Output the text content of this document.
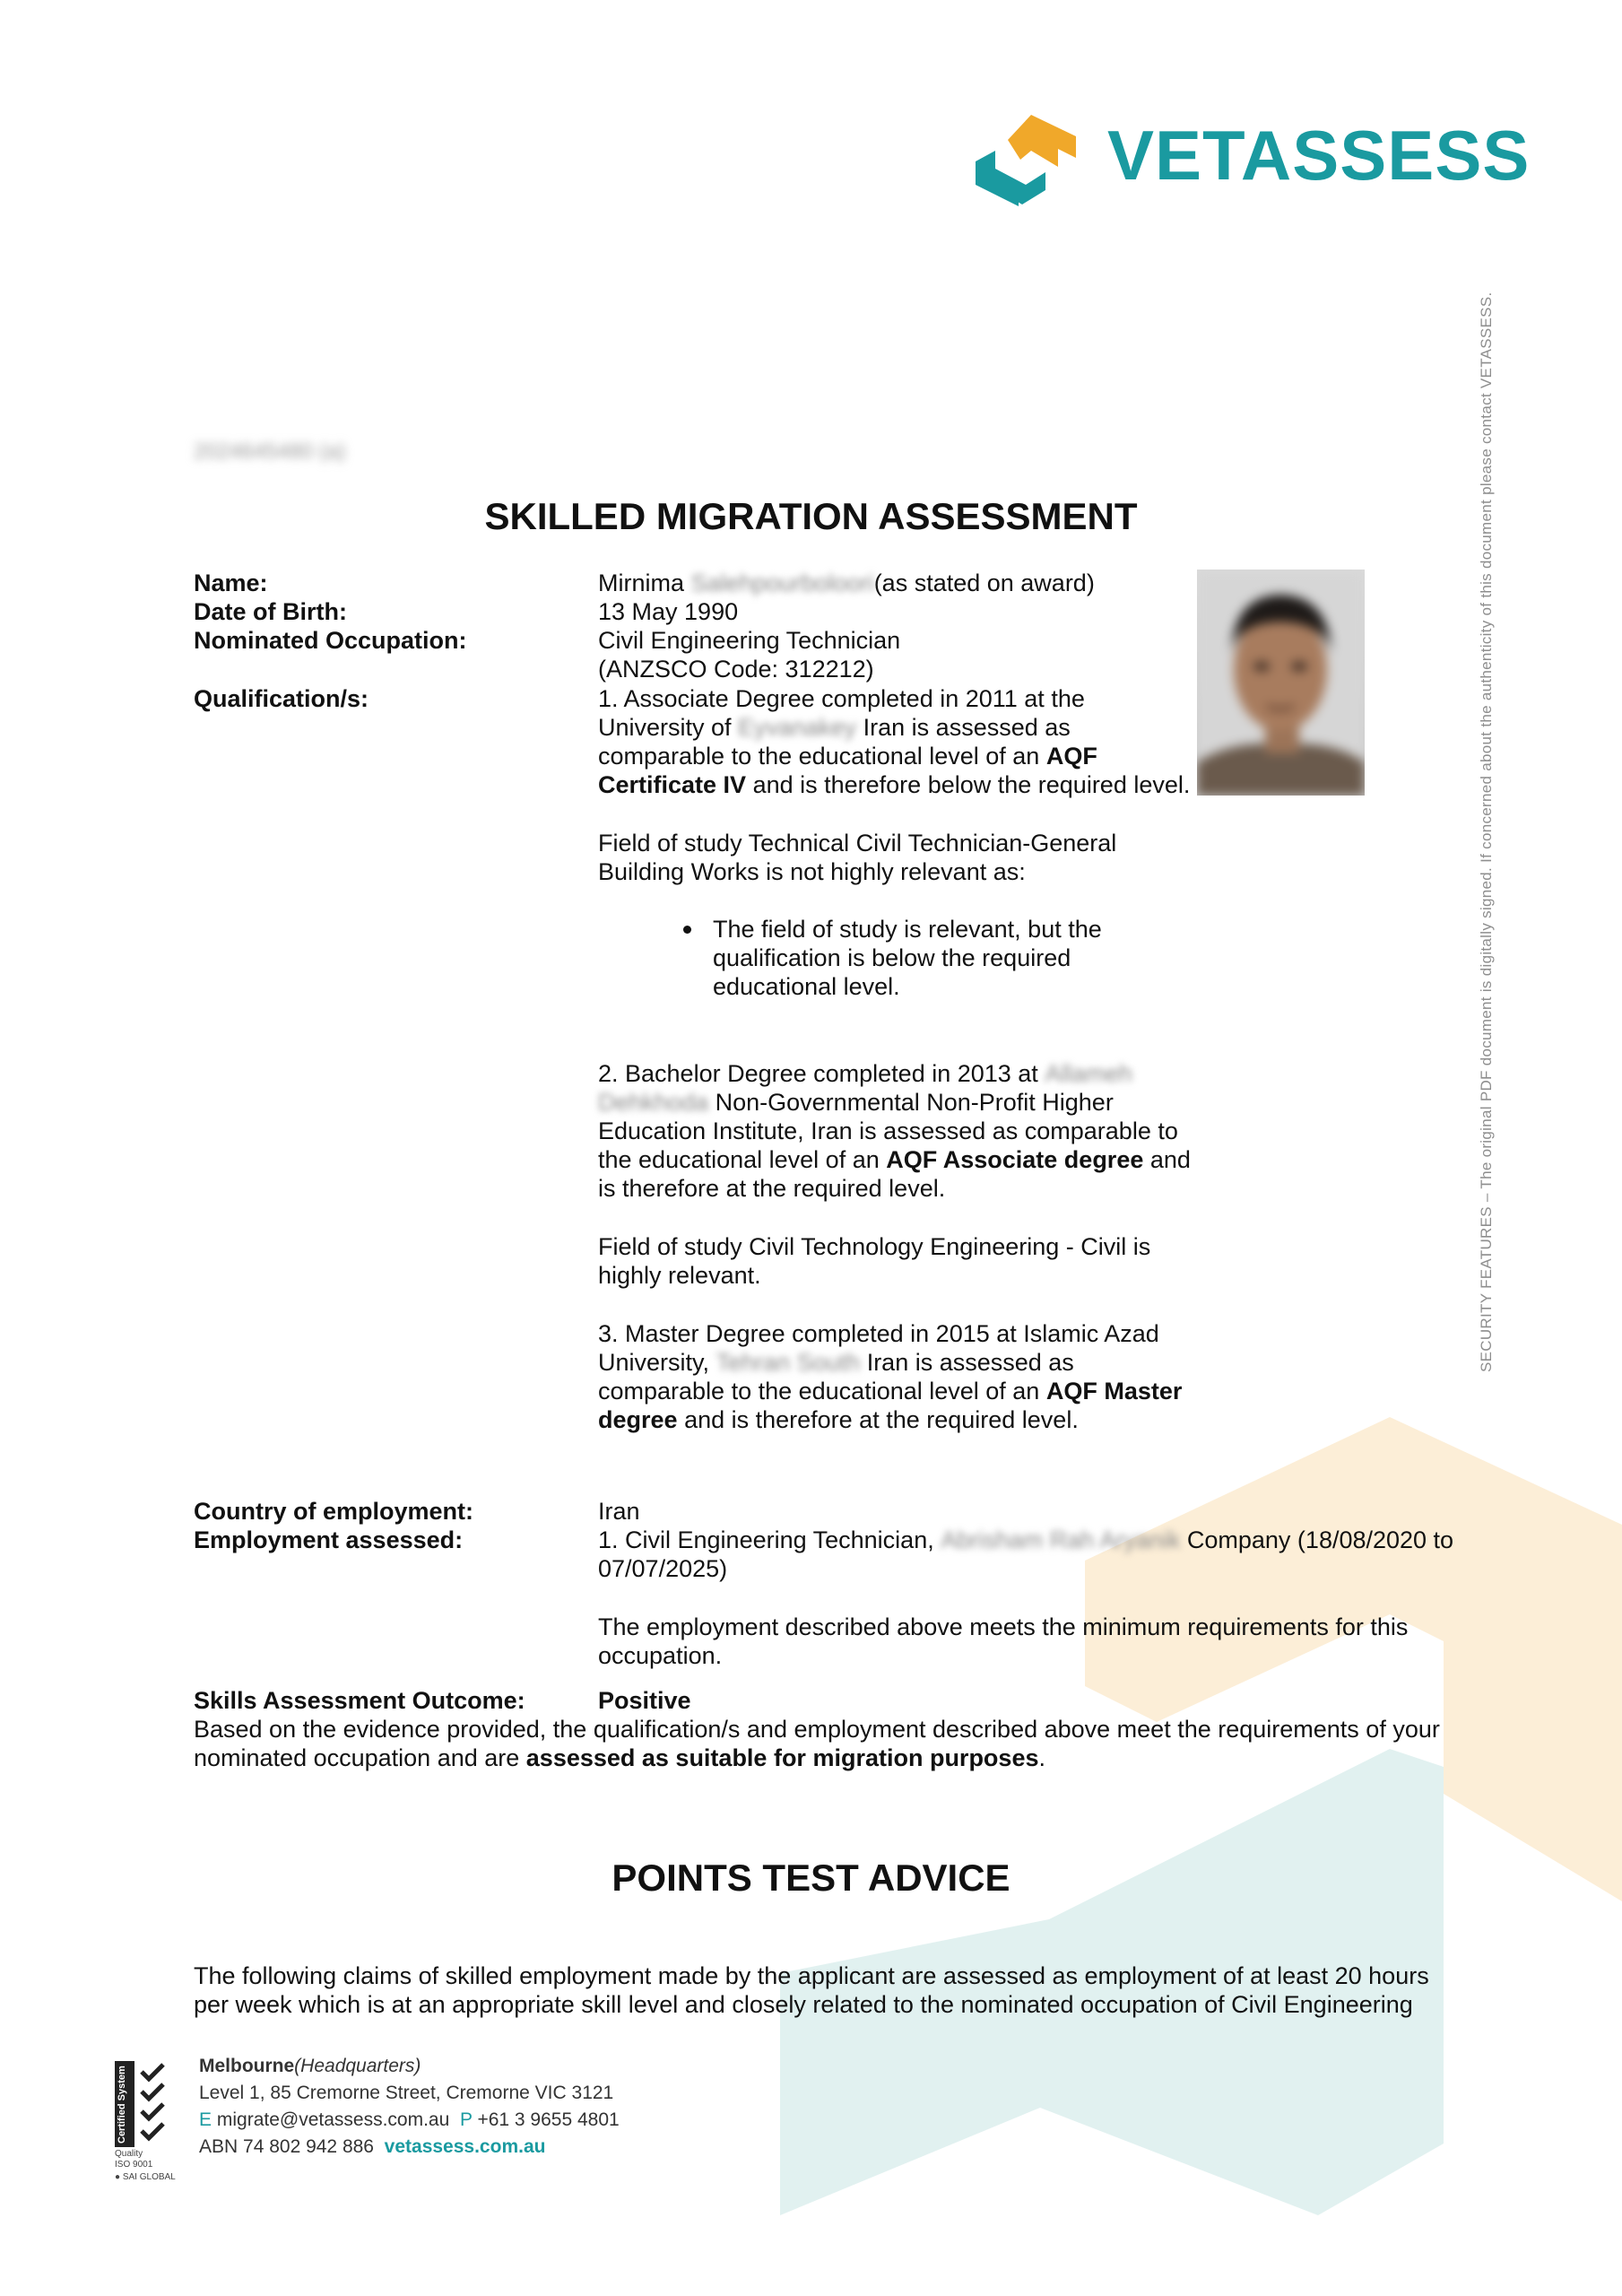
VETASSESS
2024645480 (a)
SKILLED MIGRATION ASSESSMENT
Name:
Date of Birth:
Nominated Occupation:
Qualification/s:
Mirnima Salehpourboloori(as stated on award)
13 May 1990
Civil Engineering Technician
(ANZSCO Code: 312212)
1. Associate Degree completed in 2011 at the
University of Eyvanakey Iran is assessed as
comparable to the educational level of an AQF
Certificate IV and is therefore below the required level.
Field of study Technical Civil Technician-General
Building Works is not highly relevant as:
The field of study is relevant, but the
qualification is below the required
educational level.
2. Bachelor Degree completed in 2013 at Allameh
Dehkhoda Non-Governmental Non-Profit Higher
Education Institute, Iran is assessed as comparable to
the educational level of an AQF Associate degree and
is therefore at the required level.
Field of study Civil Technology Engineering - Civil is
highly relevant.
3. Master Degree completed in 2015 at Islamic Azad
University, Tehran South Iran is assessed as
comparable to the educational level of an AQF Master
degree and is therefore at the required level.
Country of employment:
Employment assessed:
Iran
1. Civil Engineering Technician, Abrisham Rah Aryanik Company (18/08/2020 to
07/07/2025)
The employment described above meets the minimum requirements for this
occupation.
Skills Assessment Outcome:	Positive
Based on the evidence provided, the qualification/s and employment described above meet the requirements of your
nominated occupation and are assessed as suitable for migration purposes.
POINTS TEST ADVICE
The following claims of skilled employment made by the applicant are assessed as employment of at least 20 hours
per week which is at an appropriate skill level and closely related to the nominated occupation of Civil Engineering
SECURITY FEATURES – The original PDF document is digitally signed. If concerned about the authenticity of this document please contact VETASSESS.
Certified System
Quality
ISO 9001
● SAI GLOBAL
Melbourne(Headquarters)
Level 1, 85 Cremorne Street, Cremorne VIC 3121
E migrate@vetassess.com.au P +61 3 9655 4801
ABN 74 802 942 886 vetassess.com.au
